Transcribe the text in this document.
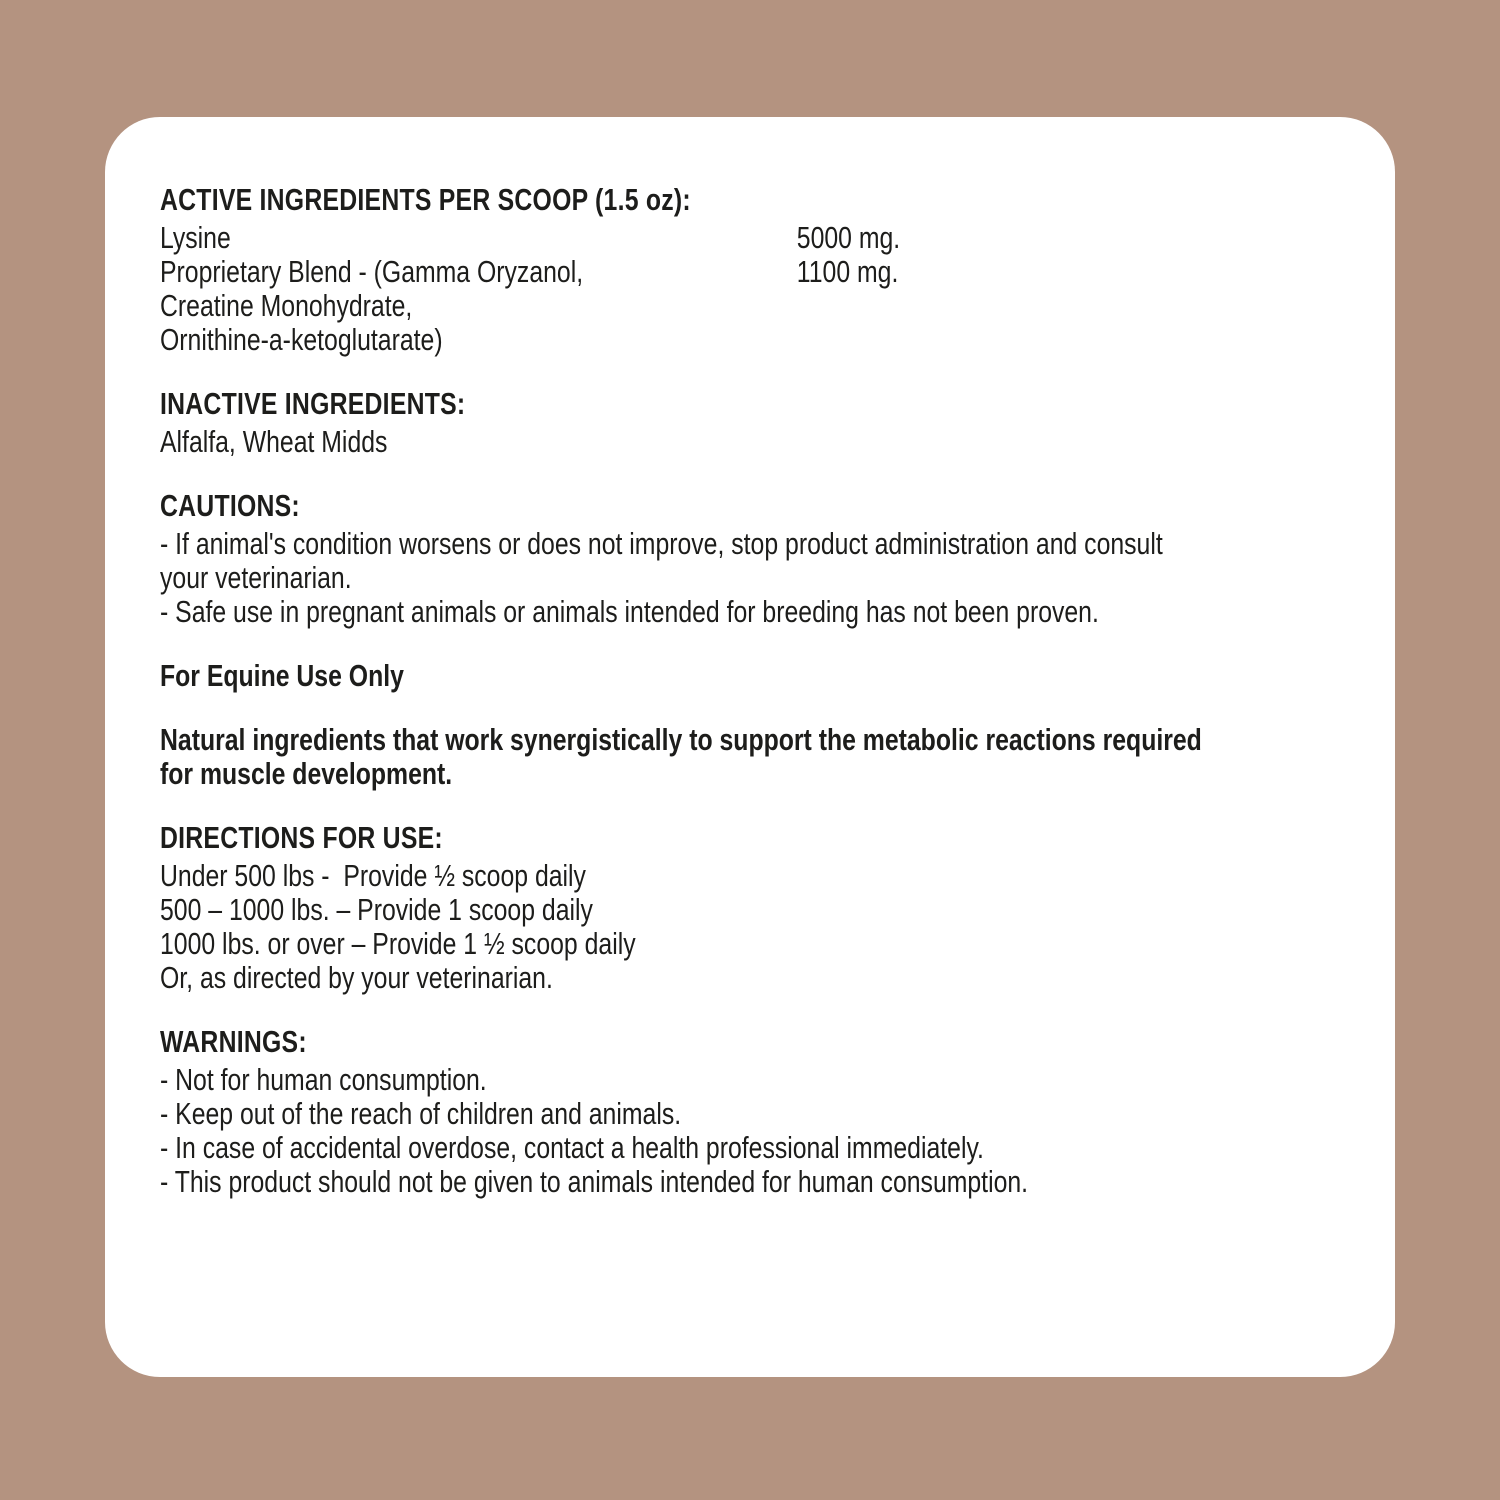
ACTIVE INGREDIENTS PER SCOOP (1.5 oz):
Lysine	5000 mg.
Proprietary Blend - (Gamma Oryzanol,	1100 mg.
Creatine Monohydrate,
Ornithine-a-ketoglutarate)
INACTIVE INGREDIENTS:
Alfalfa, Wheat Midds
CAUTIONS:
- If animal's condition worsens or does not improve, stop product administration and consult
your veterinarian.
- Safe use in pregnant animals or animals intended for breeding has not been proven.
For Equine Use Only
Natural ingredients that work synergistically to support the metabolic reactions required
for muscle development.
DIRECTIONS FOR USE:
Under 500 lbs -  Provide ½ scoop daily
500 – 1000 lbs. – Provide 1 scoop daily
1000 lbs. or over – Provide 1 ½ scoop daily
Or, as directed by your veterinarian.
WARNINGS:
- Not for human consumption.
- Keep out of the reach of children and animals.
- In case of accidental overdose, contact a health professional immediately.
- This product should not be given to animals intended for human consumption.
